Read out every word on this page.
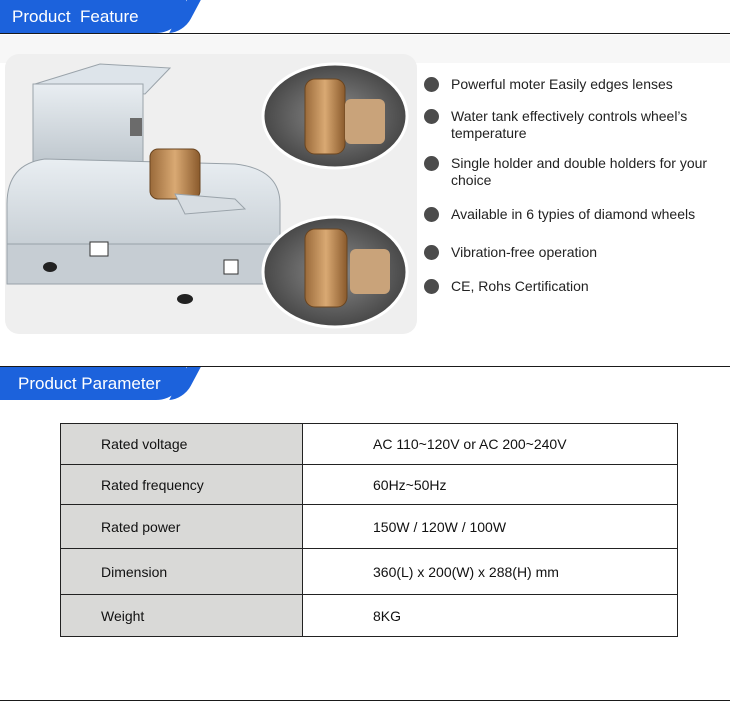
Product  Feature
Powerful moter Easily edges lenses
Water tank effectively controls wheel’s temperature
Single holder and double holders for your choice
Available in 6 typies of diamond wheels
Vibration-free operation
CE, Rohs Certification
Product Parameter
Rated voltage	AC 110~120V or AC 200~240V
Rated frequency	60Hz~50Hz
Rated power	150W / 120W / 100W
Dimension	360(L) x 200(W) x 288(H) mm
Weight	8KG
